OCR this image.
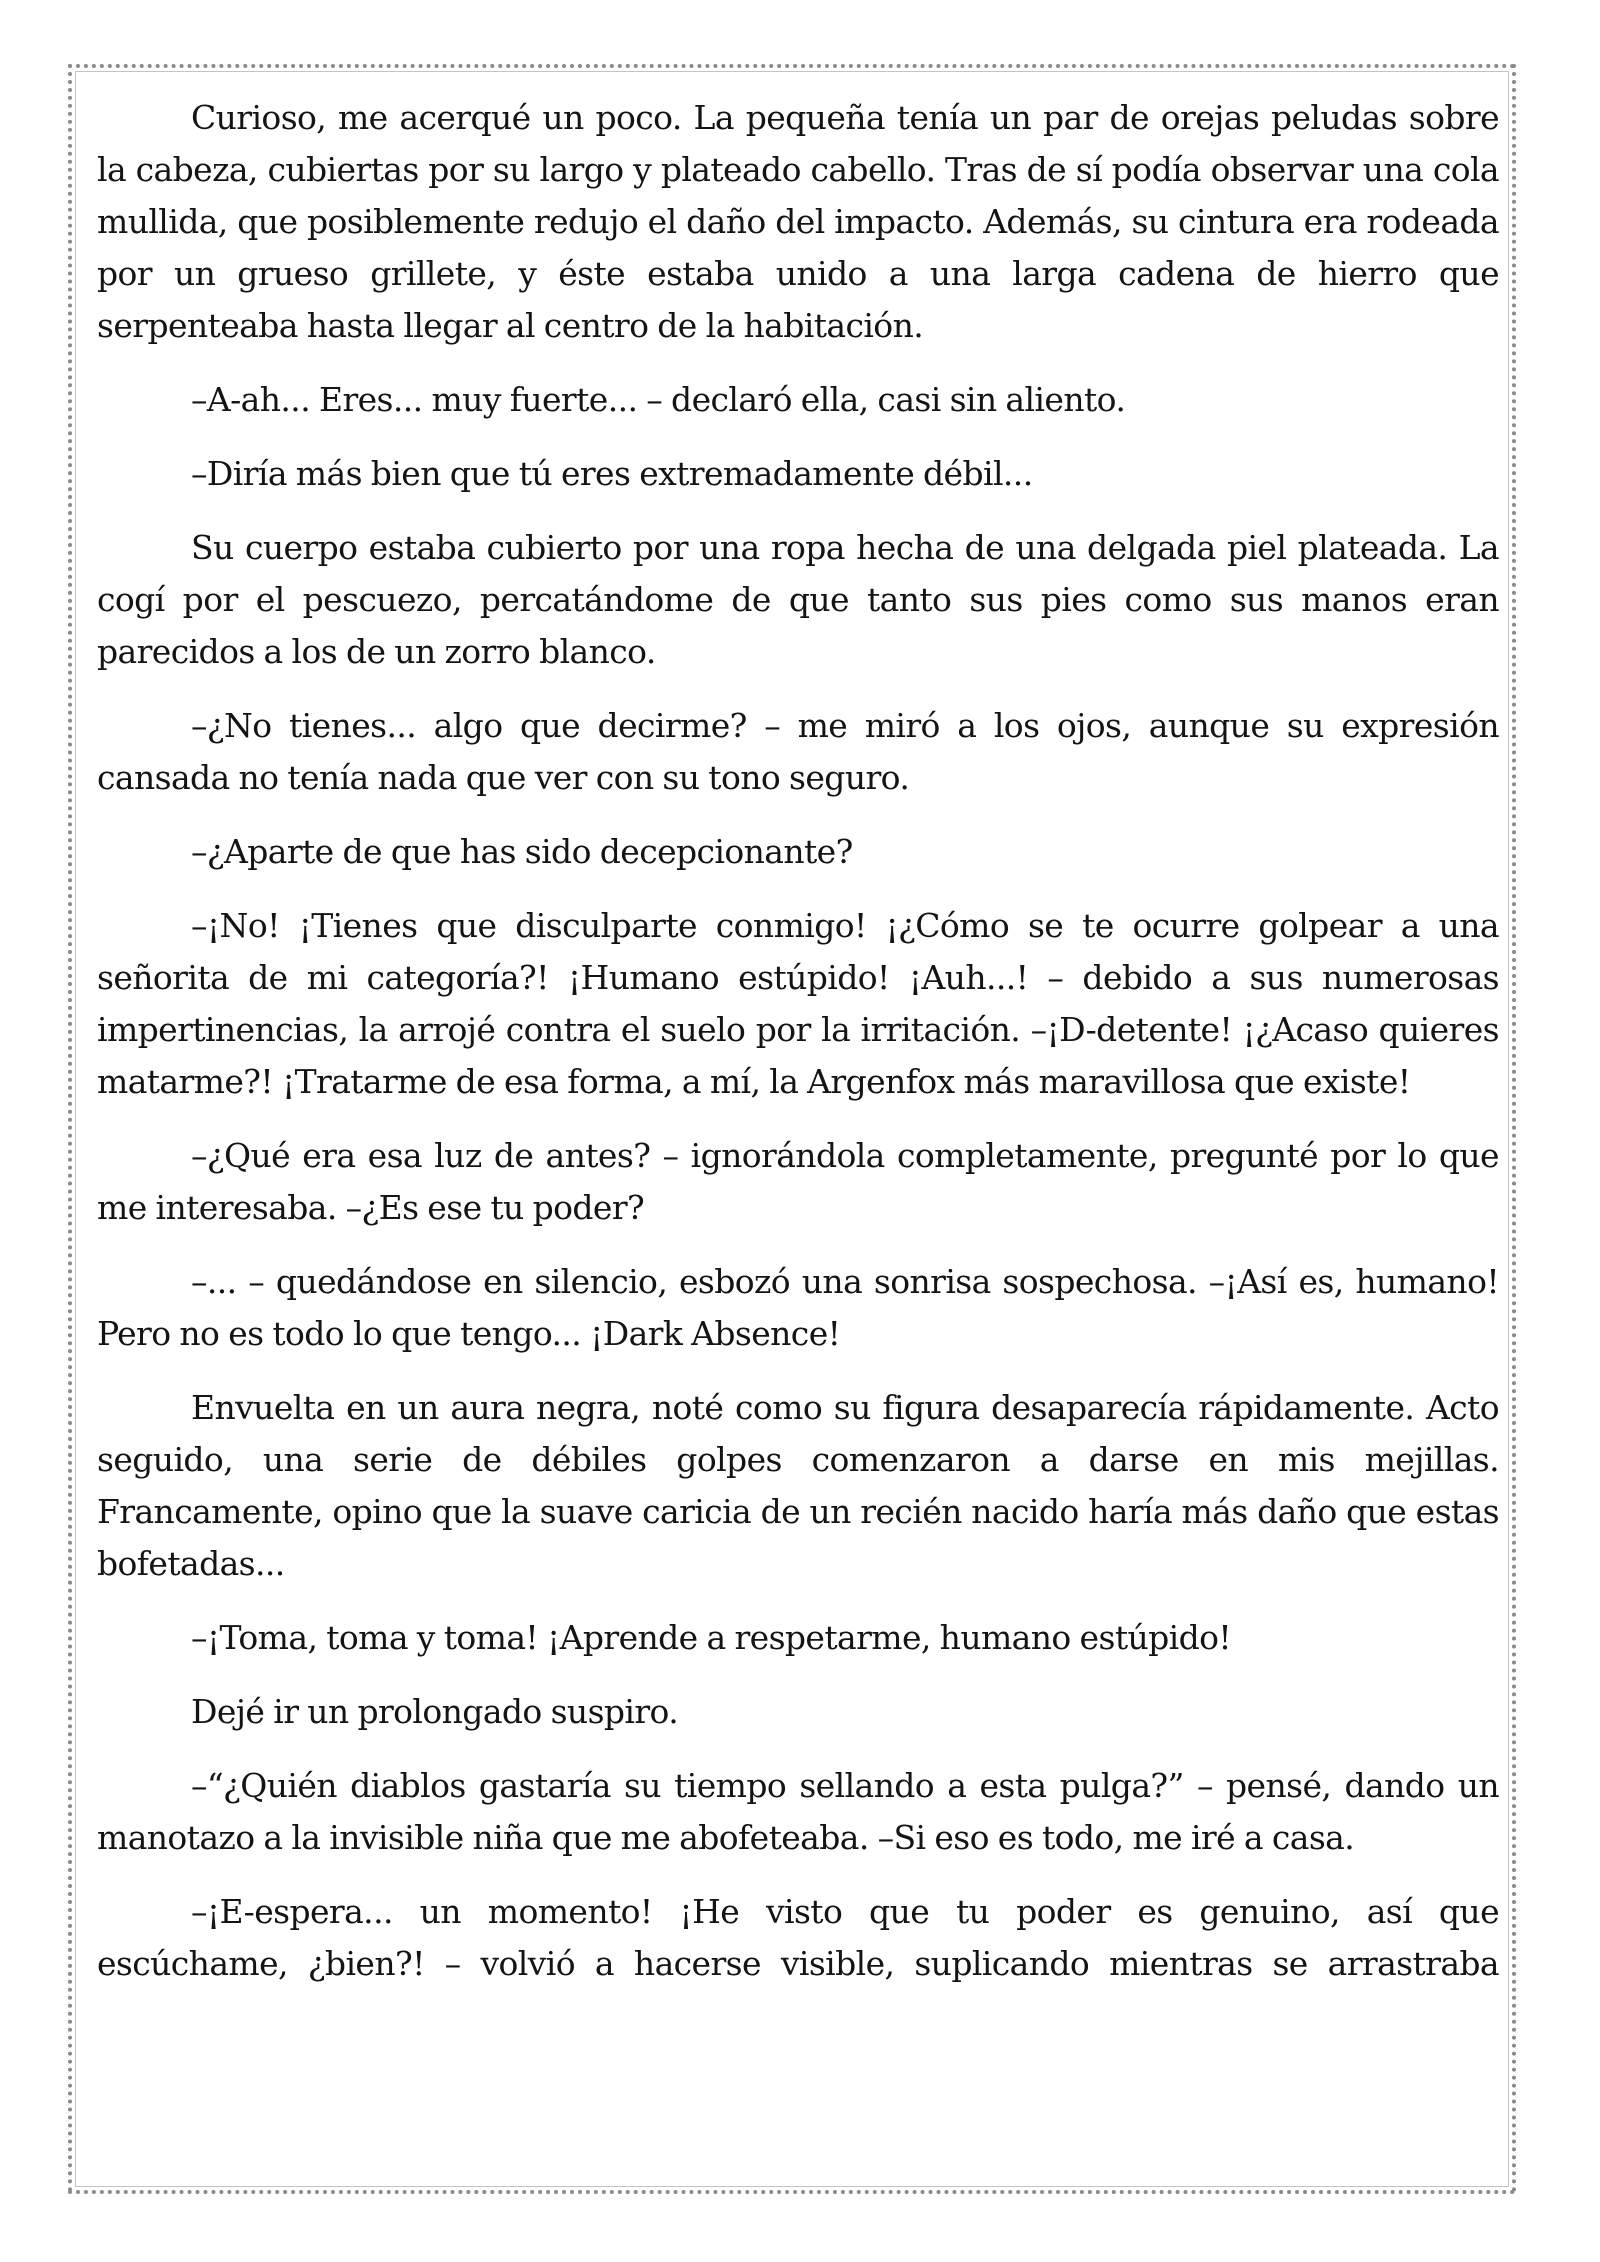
Curioso, me acerqué un poco. La pequeña tenía un par de orejas peludas sobre la cabeza, cubiertas por su largo y plateado cabello. Tras de sí podía observar una cola mullida, que posiblemente redujo el daño del impacto. Además, su cintura era rodeada por un grueso grillete, y éste estaba unido a una larga cadena de hierro que serpenteaba hasta llegar al centro de la habitación.

–A-ah... Eres... muy fuerte... – declaró ella, casi sin aliento.

–Diría más bien que tú eres extremadamente débil...

Su cuerpo estaba cubierto por una ropa hecha de una delgada piel plateada. La cogí por el pescuezo, percatándome de que tanto sus pies como sus manos eran parecidos a los de un zorro blanco.

–¿No tienes... algo que decirme? – me miró a los ojos, aunque su expresión cansada no tenía nada que ver con su tono seguro.

–¿Aparte de que has sido decepcionante?

–¡No! ¡Tienes que disculparte conmigo! ¡¿Cómo se te ocurre golpear a una señorita de mi categoría?! ¡Humano estúpido! ¡Auh...! – debido a sus numerosas impertinencias, la arrojé contra el suelo por la irritación. –¡D-detente! ¡¿Acaso quieres matarme?! ¡Tratarme de esa forma, a mí, la Argenfox más maravillosa que existe!

–¿Qué era esa luz de antes? – ignorándola completamente, pregunté por lo que me interesaba. –¿Es ese tu poder?

–... – quedándose en silencio, esbozó una sonrisa sospechosa. –¡Así es, humano! Pero no es todo lo que tengo... ¡Dark Absence!

Envuelta en un aura negra, noté como su figura desaparecía rápidamente. Acto seguido, una serie de débiles golpes comenzaron a darse en mis mejillas. Francamente, opino que la suave caricia de un recién nacido haría más daño que estas bofetadas...

–¡Toma, toma y toma! ¡Aprende a respetarme, humano estúpido!

Dejé ir un prolongado suspiro.

–“¿Quién diablos gastaría su tiempo sellando a esta pulga?” – pensé, dando un manotazo a la invisible niña que me abofeteaba. –Si eso es todo, me iré a casa.

–¡E-espera... un momento! ¡He visto que tu poder es genuino, así que escúchame, ¿bien?! – volvió a hacerse visible, suplicando mientras se arrastraba
